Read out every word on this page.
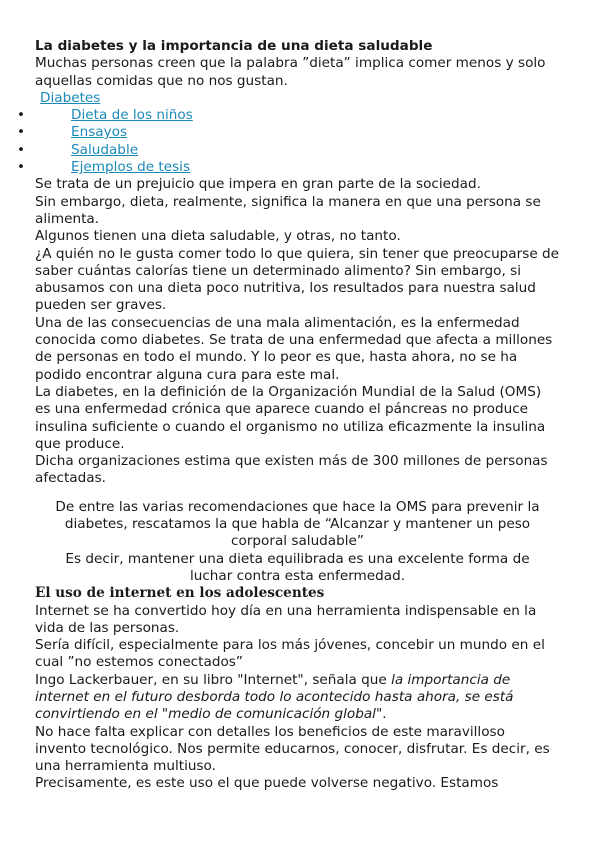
La diabetes y la importancia de una dieta saludable

Muchas personas creen que la palabra ”dieta” implica comer menos y solo aquellas comidas que no nos gustan.

Diabetes
• Dieta de los niños
• Ensayos
• Saludable
• Ejemplos de tesis

Se trata de un prejuicio que impera en gran parte de la sociedad.

Sin embargo, dieta, realmente, significa la manera en que una persona se alimenta.

Algunos tienen una dieta saludable, y otras, no tanto.

¿A quién no le gusta comer todo lo que quiera, sin tener que preocuparse de saber cuántas calorías tiene un determinado alimento? Sin embargo, si abusamos con una dieta poco nutritiva, los resultados para nuestra salud pueden ser graves.

Una de las consecuencias de una mala alimentación, es la enfermedad conocida como diabetes. Se trata de una enfermedad que afecta a millones de personas en todo el mundo. Y lo peor es que, hasta ahora, no se ha podido encontrar alguna cura para este mal.

La diabetes, en la definición de la Organización Mundial de la Salud (OMS) es una enfermedad crónica que aparece cuando el páncreas no produce insulina suficiente o cuando el organismo no utiliza eficazmente la insulina que produce.

Dicha organizaciones estima que existen más de 300 millones de personas afectadas.

De entre las varias recomendaciones que hace la OMS para prevenir la diabetes, rescatamos la que habla de “Alcanzar y mantener un peso corporal saludable”

Es decir, mantener una dieta equilibrada es una excelente forma de luchar contra esta enfermedad.

El uso de internet en los adolescentes

Internet se ha convertido hoy día en una herramienta indispensable en la vida de las personas.

Sería difícil, especialmente para los más jóvenes, concebir un mundo en el cual ”no estemos conectados”

Ingo Lackerbauer, en su libro "Internet", señala que la importancia de internet en el futuro desborda todo lo acontecido hasta ahora, se está convirtiendo en el "medio de comunicación global".

No hace falta explicar con detalles los beneficios de este maravilloso invento tecnológico. Nos permite educarnos, conocer, disfrutar. Es decir, es una herramienta multiuso.

Precisamente, es este uso el que puede volverse negativo. Estamos
